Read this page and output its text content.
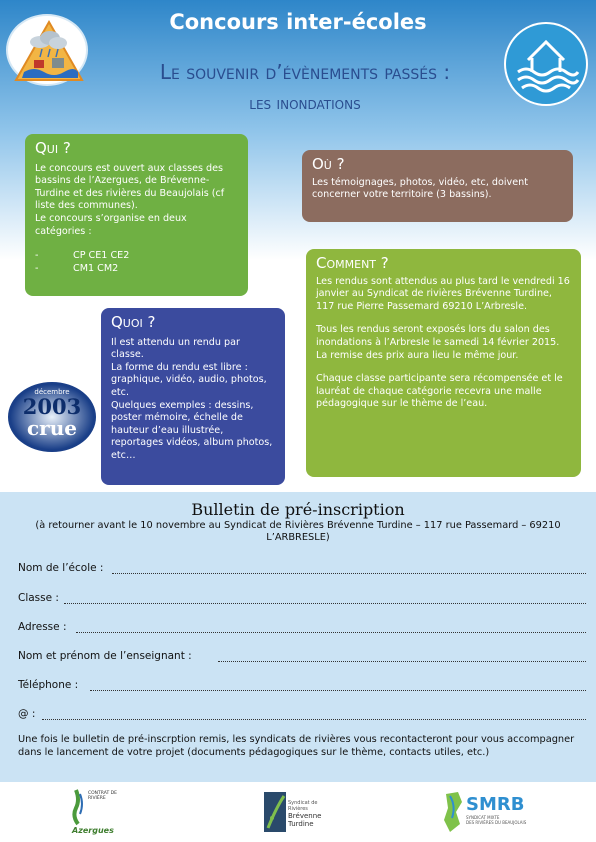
Concours inter-écoles
Le souvenir d’évènements passés :
les inondations
Qui ?

Le concours est ouvert aux classes des bassins de l’Azergues, de Brévenne-Turdine et des rivières du Beaujolais (cf liste des communes).

Le concours s’organise en deux catégories :

-	CP CE1 CE2
-	CM1 CM2
Où ?

Les témoignages, photos, vidéo, etc, doivent concerner votre territoire (3 bassins).

Comment ?

Les rendus sont attendus au plus tard le vendredi 16 janvier au Syndicat de rivières Brévenne Turdine, 117 rue Pierre Passemard 69210 L’Arbresle.

Tous les rendus seront exposés lors du salon des inondations à l’Arbresle le samedi 14 février 2015. La remise des prix aura lieu le même jour.

Chaque classe participante sera récompensée et le lauréat de chaque catégorie recevra une malle pédagogique sur le thème de l’eau.

Quoi ?

Il est attendu un rendu par classe.

La forme du rendu est libre : graphique, vidéo, audio, photos, etc.

Quelques exemples : dessins, poster mémoire, échelle de hauteur d’eau illustrée, reportages vidéos, album photos, etc…

décembre
2003
crue
Bulletin de pré-inscription
(à retourner avant le 10 novembre au Syndicat de Rivières Brévenne Turdine – 117 rue Passemard – 69210 L’ARBRESLE)
Nom de l’école :
Classe :
Adresse :
Nom et prénom de l’enseignant :
Téléphone :
@ :
Une fois le bulletin de pré-inscrption remis, les syndicats de rivières vous recontacteront pour vous accompagner dans le lancement de votre projet (documents pédagogiques sur le thème, contacts utiles, etc.)
CONTRAT DE
RIVIÈRE
Azergues
Syndicat de
Rivières
Brévenne
Turdine
SMRB
SYNDICAT MIXTE
DES RIVIÈRES DU BEAUJOLAIS
